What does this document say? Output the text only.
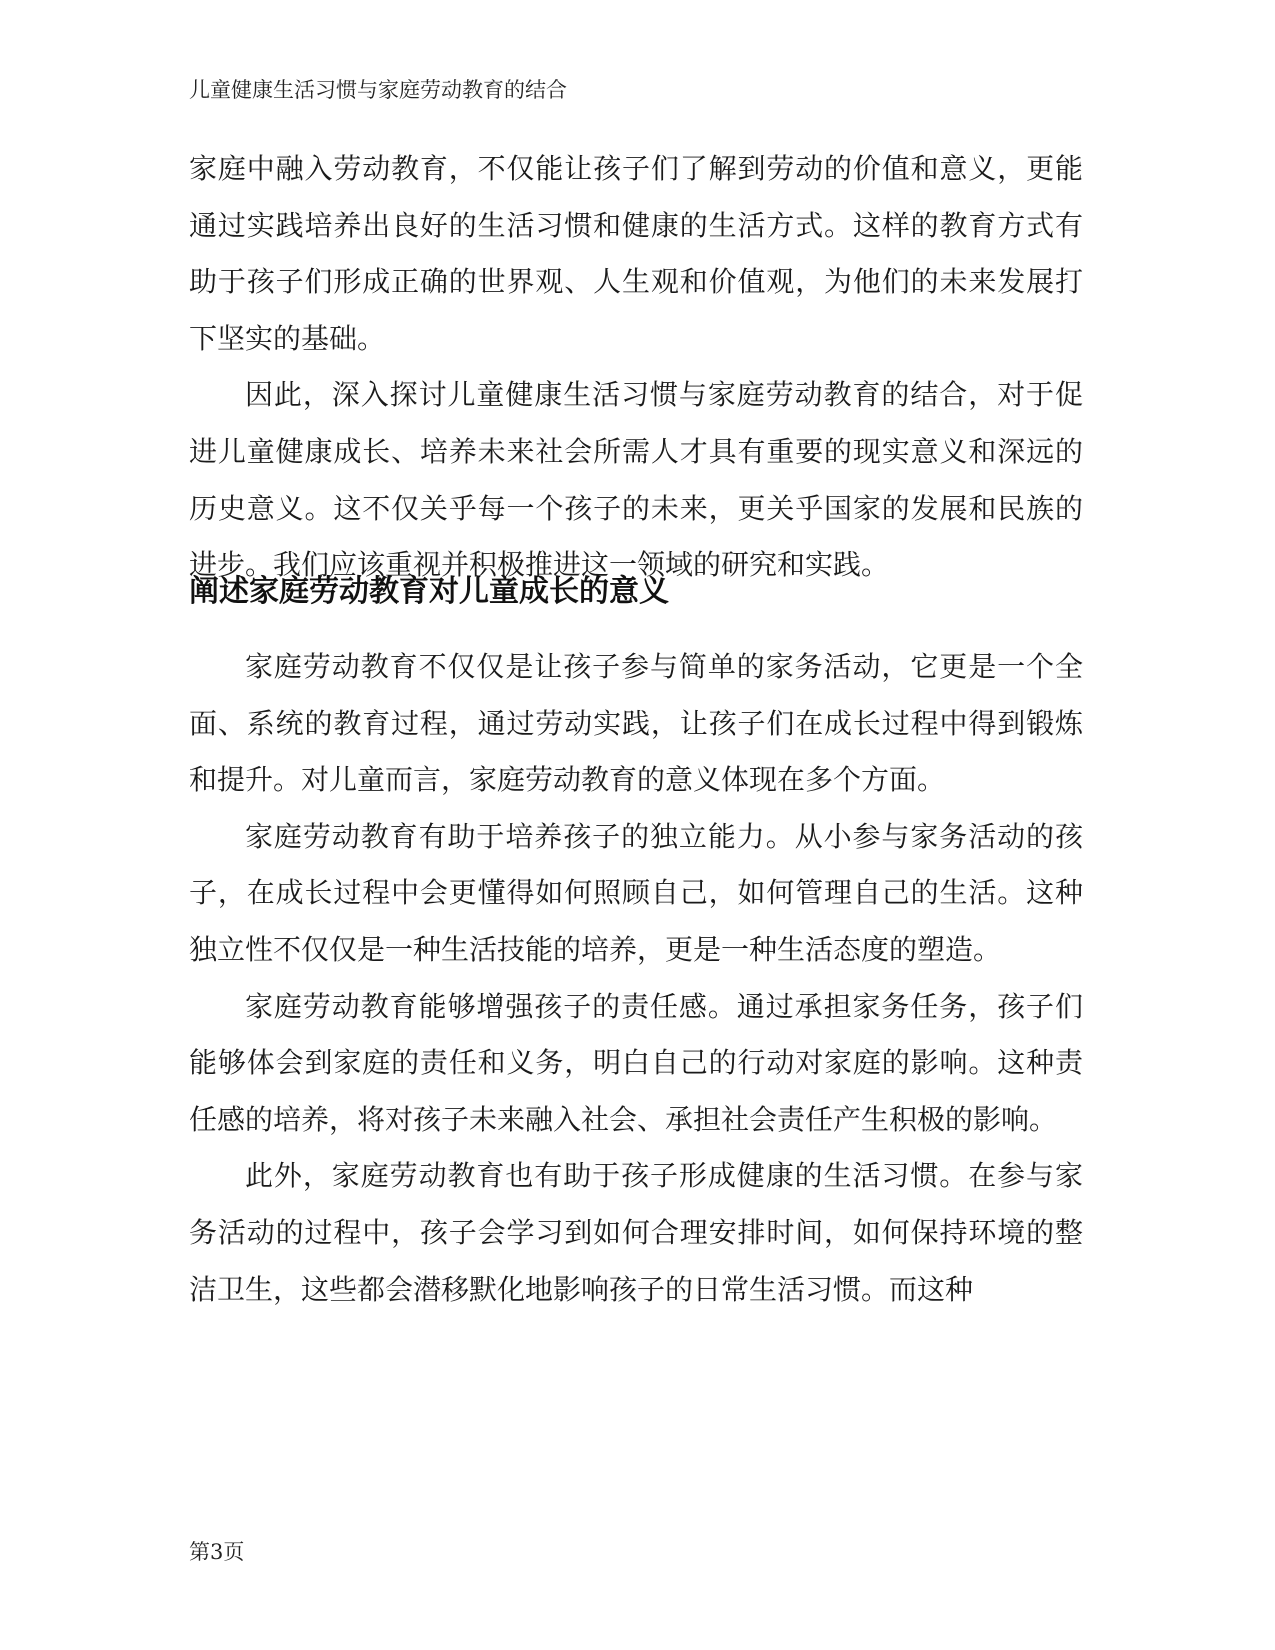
儿童健康生活习惯与家庭劳动教育的结合

家庭中融入劳动教育，不仅能让孩子们了解到劳动的价值和意义，更能通过实践培养出良好的生活习惯和健康的生活方式。这样的教育方式有助于孩子们形成正确的世界观、人生观和价值观，为他们的未来发展打下坚实的基础。

因此，深入探讨儿童健康生活习惯与家庭劳动教育的结合，对于促进儿童健康成长、培养未来社会所需人才具有重要的现实意义和深远的历史意义。这不仅关乎每一个孩子的未来，更关乎国家的发展和民族的进步。我们应该重视并积极推进这一领域的研究和实践。

阐述家庭劳动教育对儿童成长的意义

家庭劳动教育不仅仅是让孩子参与简单的家务活动，它更是一个全面、系统的教育过程，通过劳动实践，让孩子们在成长过程中得到锻炼和提升。对儿童而言，家庭劳动教育的意义体现在多个方面。

家庭劳动教育有助于培养孩子的独立能力。从小参与家务活动的孩子，在成长过程中会更懂得如何照顾自己，如何管理自己的生活。这种独立性不仅仅是一种生活技能的培养，更是一种生活态度的塑造。

家庭劳动教育能够增强孩子的责任感。通过承担家务任务，孩子们能够体会到家庭的责任和义务，明白自己的行动对家庭的影响。这种责任感的培养，将对孩子未来融入社会、承担社会责任产生积极的影响。

此外，家庭劳动教育也有助于孩子形成健康的生活习惯。在参与家务活动的过程中，孩子会学习到如何合理安排时间，如何保持环境的整洁卫生，这些都会潜移默化地影响孩子的日常生活习惯。而这种

第3页
